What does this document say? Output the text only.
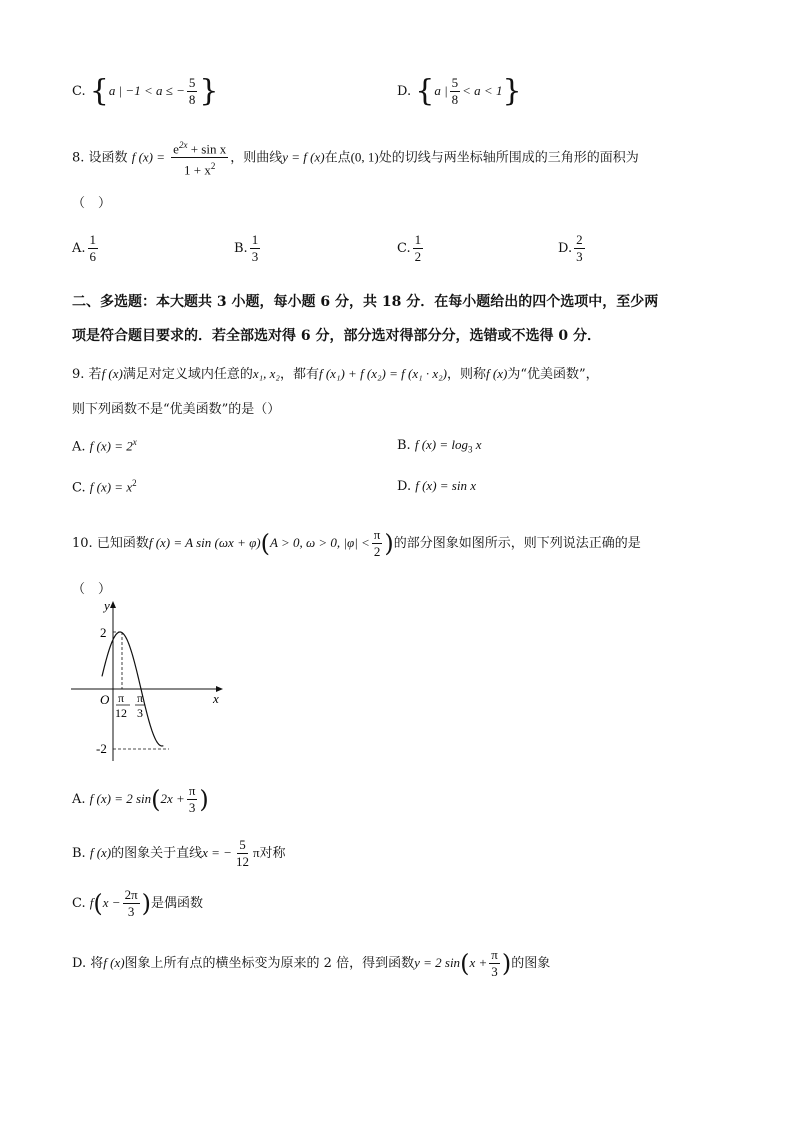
C. {a | −1 < a ≤ − $\frac{5}{8}$ }	D. {a | $\frac{5}{8} < a < 1$}
8. 设函数 f $(x) = \frac{e^{2x} + \sin x}{1 + x^2}$ ，则曲线y = f (x)在点(0, 1)处的切线与两坐标轴所围成的三角形的面积为
（　）
A. $\frac{1}{6}$	B. $\frac{1}{3}$	C. $\frac{1}{2}$	D. $\frac{2}{3}$
二、多选题：本大题共 3 小题，每小题 6 分，共 18 分．在每小题给出的四个选项中，至少两
项是符合题目要求的．若全部选对得 6 分，部分选对得部分分，选错或不选得 0 分．
9. 若f (x)满足对定义域内任意的x₁, x₂，都有f (x₁) + f (x₂) = f (x₁ · x₂)，则称f (x)为“优美函数”，
则下列函数不是“优美函数”的是（）
A. f $(x) = 2^x$	B. f $(x) = \log_3 x$
C. f $(x) = x^2$	D. f (x) = sin x
10. 已知函数f (x) = A sin (ωx + φ)(A > 0, ω > 0, $|\varphi| < \frac{\pi}{2}$ )的部分图象如图所示，则下列说法正确的是
（　）
y
x
O
2
-2
π
12
π
3
A. f (x) = 2 $\sin(2x + \frac{\pi}{3}$ )
B. f (x)的图象关于直线x = − $\frac{5}{12}$ π对称
C. $f(x - \frac{2\pi}{3}$ )是偶函数
D. 将f (x)图象上所有点的横坐标变为原来的 2 倍，得到函数y = 2 $\sin(x + \frac{\pi}{3}$ )的图象
